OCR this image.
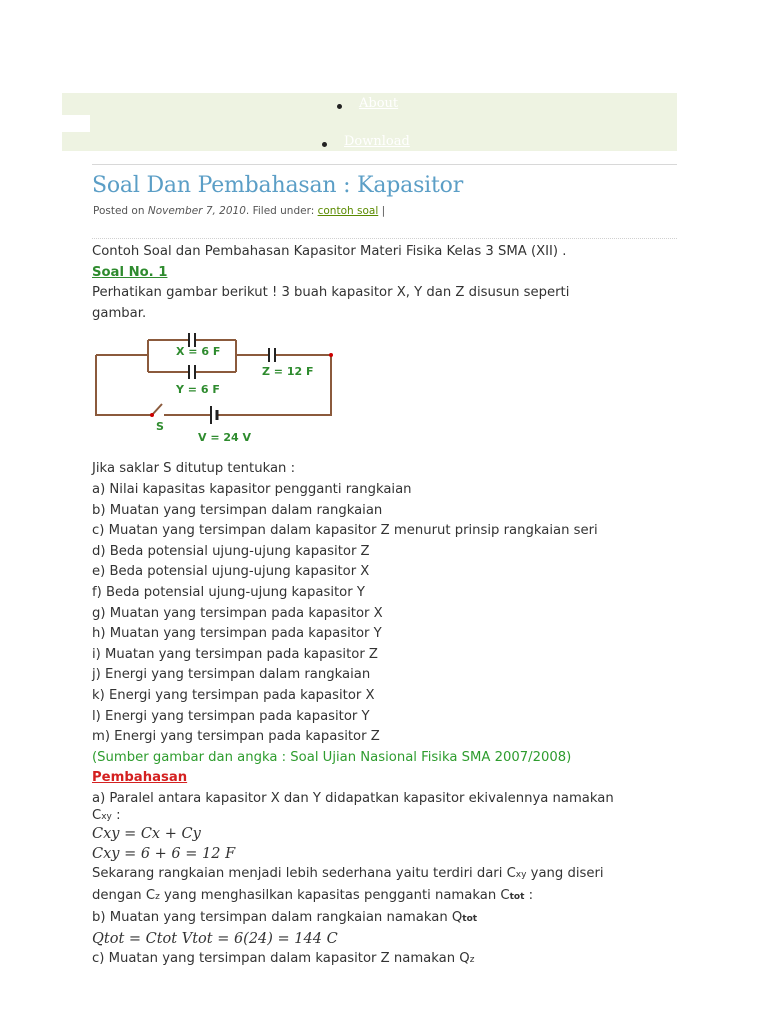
About
Download
Soal Dan Pembahasan : Kapasitor
Posted on November 7, 2010. Filed under: contoh soal |

Contoh Soal dan Pembahasan Kapasitor Materi Fisika Kelas 3 SMA (XII) .

Soal No. 1

Perhatikan gambar berikut ! 3 buah kapasitor X, Y dan Z disusun seperti

gambar.

Jika saklar S ditutup tentukan :

a) Nilai kapasitas kapasitor pengganti rangkaian

b) Muatan yang tersimpan dalam rangkaian

c) Muatan yang tersimpan dalam kapasitor Z menurut prinsip rangkaian seri

d) Beda potensial ujung-ujung kapasitor Z

e) Beda potensial ujung-ujung kapasitor X

f) Beda potensial ujung-ujung kapasitor Y

g) Muatan yang tersimpan pada kapasitor X

h) Muatan yang tersimpan pada kapasitor Y

i) Muatan yang tersimpan pada kapasitor Z

j) Energi yang tersimpan dalam rangkaian

k) Energi yang tersimpan pada kapasitor X

l) Energi yang tersimpan pada kapasitor Y

m) Energi yang tersimpan pada kapasitor Z

(Sumber gambar dan angka : Soal Ujian Nasional Fisika SMA 2007/2008)

Pembahasan

a) Paralel antara kapasitor X dan Y didapatkan kapasitor ekivalennya namakan

Cxy :

Cxy = Cx + Cy

Cxy = 6 + 6 = 12 F

Sekarang rangkaian menjadi lebih sederhana yaitu terdiri dari Cxy yang diseri

dengan Cz yang menghasilkan kapasitas pengganti namakan Ctot :

b) Muatan yang tersimpan dalam rangkaian namakan Qtot

Qtot = Ctot Vtot = 6(24) = 144 C

c) Muatan yang tersimpan dalam kapasitor Z namakan Qz

X = 6 F
Y = 6 F
Z = 12 F
S
V = 24 V
